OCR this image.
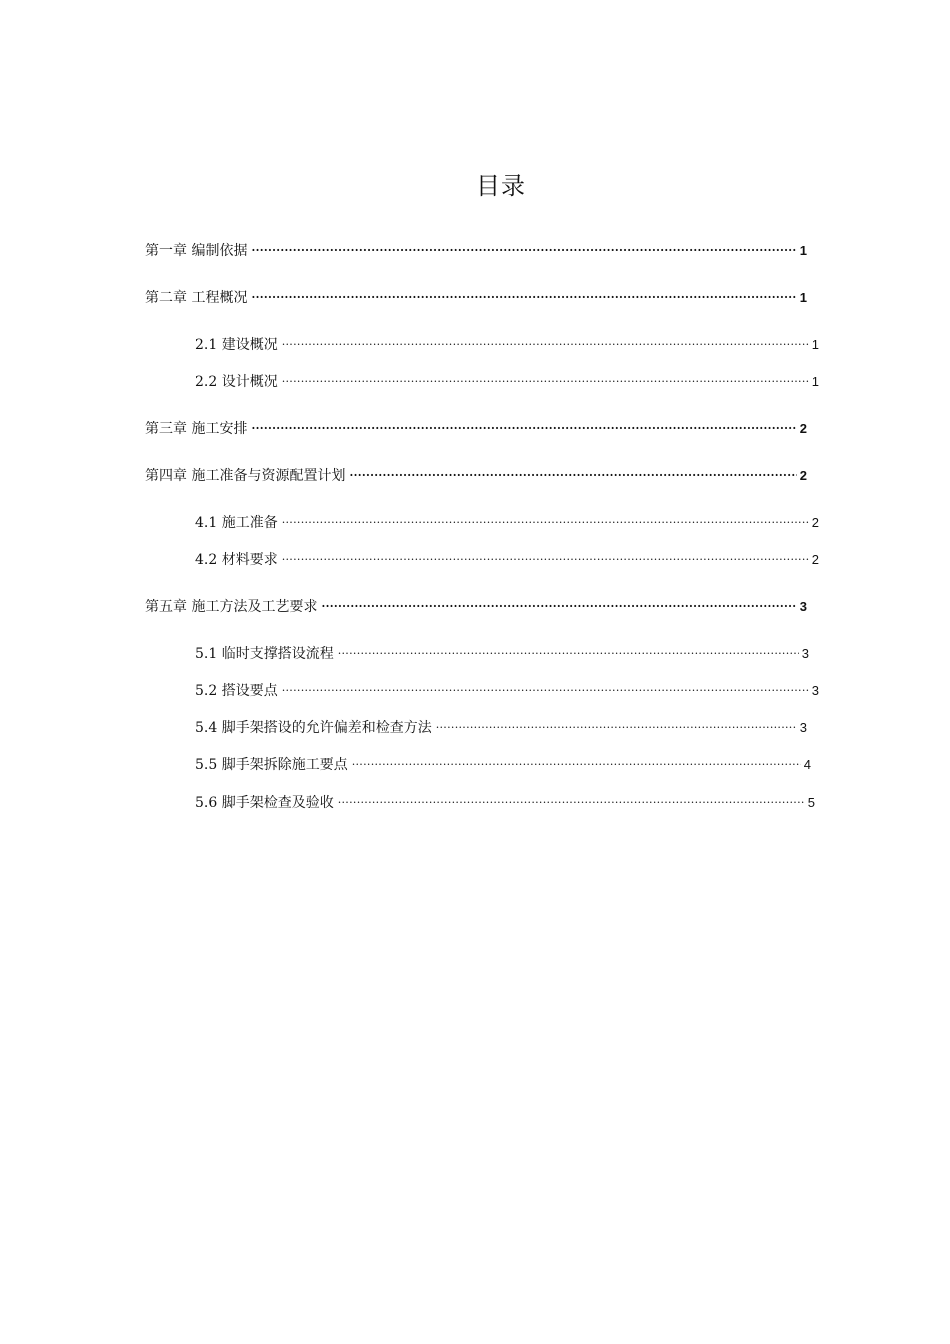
目录
第一章 编制依据 .....	1
第二章 工程概况 .....	1
2.1 建设概况 .....	1
2.2 设计概况 .....	1
第三章 施工安排 .....	2
第四章 施工准备与资源配置计划 .....	2
4.1 施工准备 .....	2
4.2 材料要求 .....	2
第五章 施工方法及工艺要求 .....	3
5.1 临时支撑搭设流程 .....	3
5.2 搭设要点 .....	3
5.4 脚手架搭设的允许偏差和检查方法 .....	3
5.5 脚手架拆除施工要点 .....	4
5.6 脚手架检查及验收 .....	5
